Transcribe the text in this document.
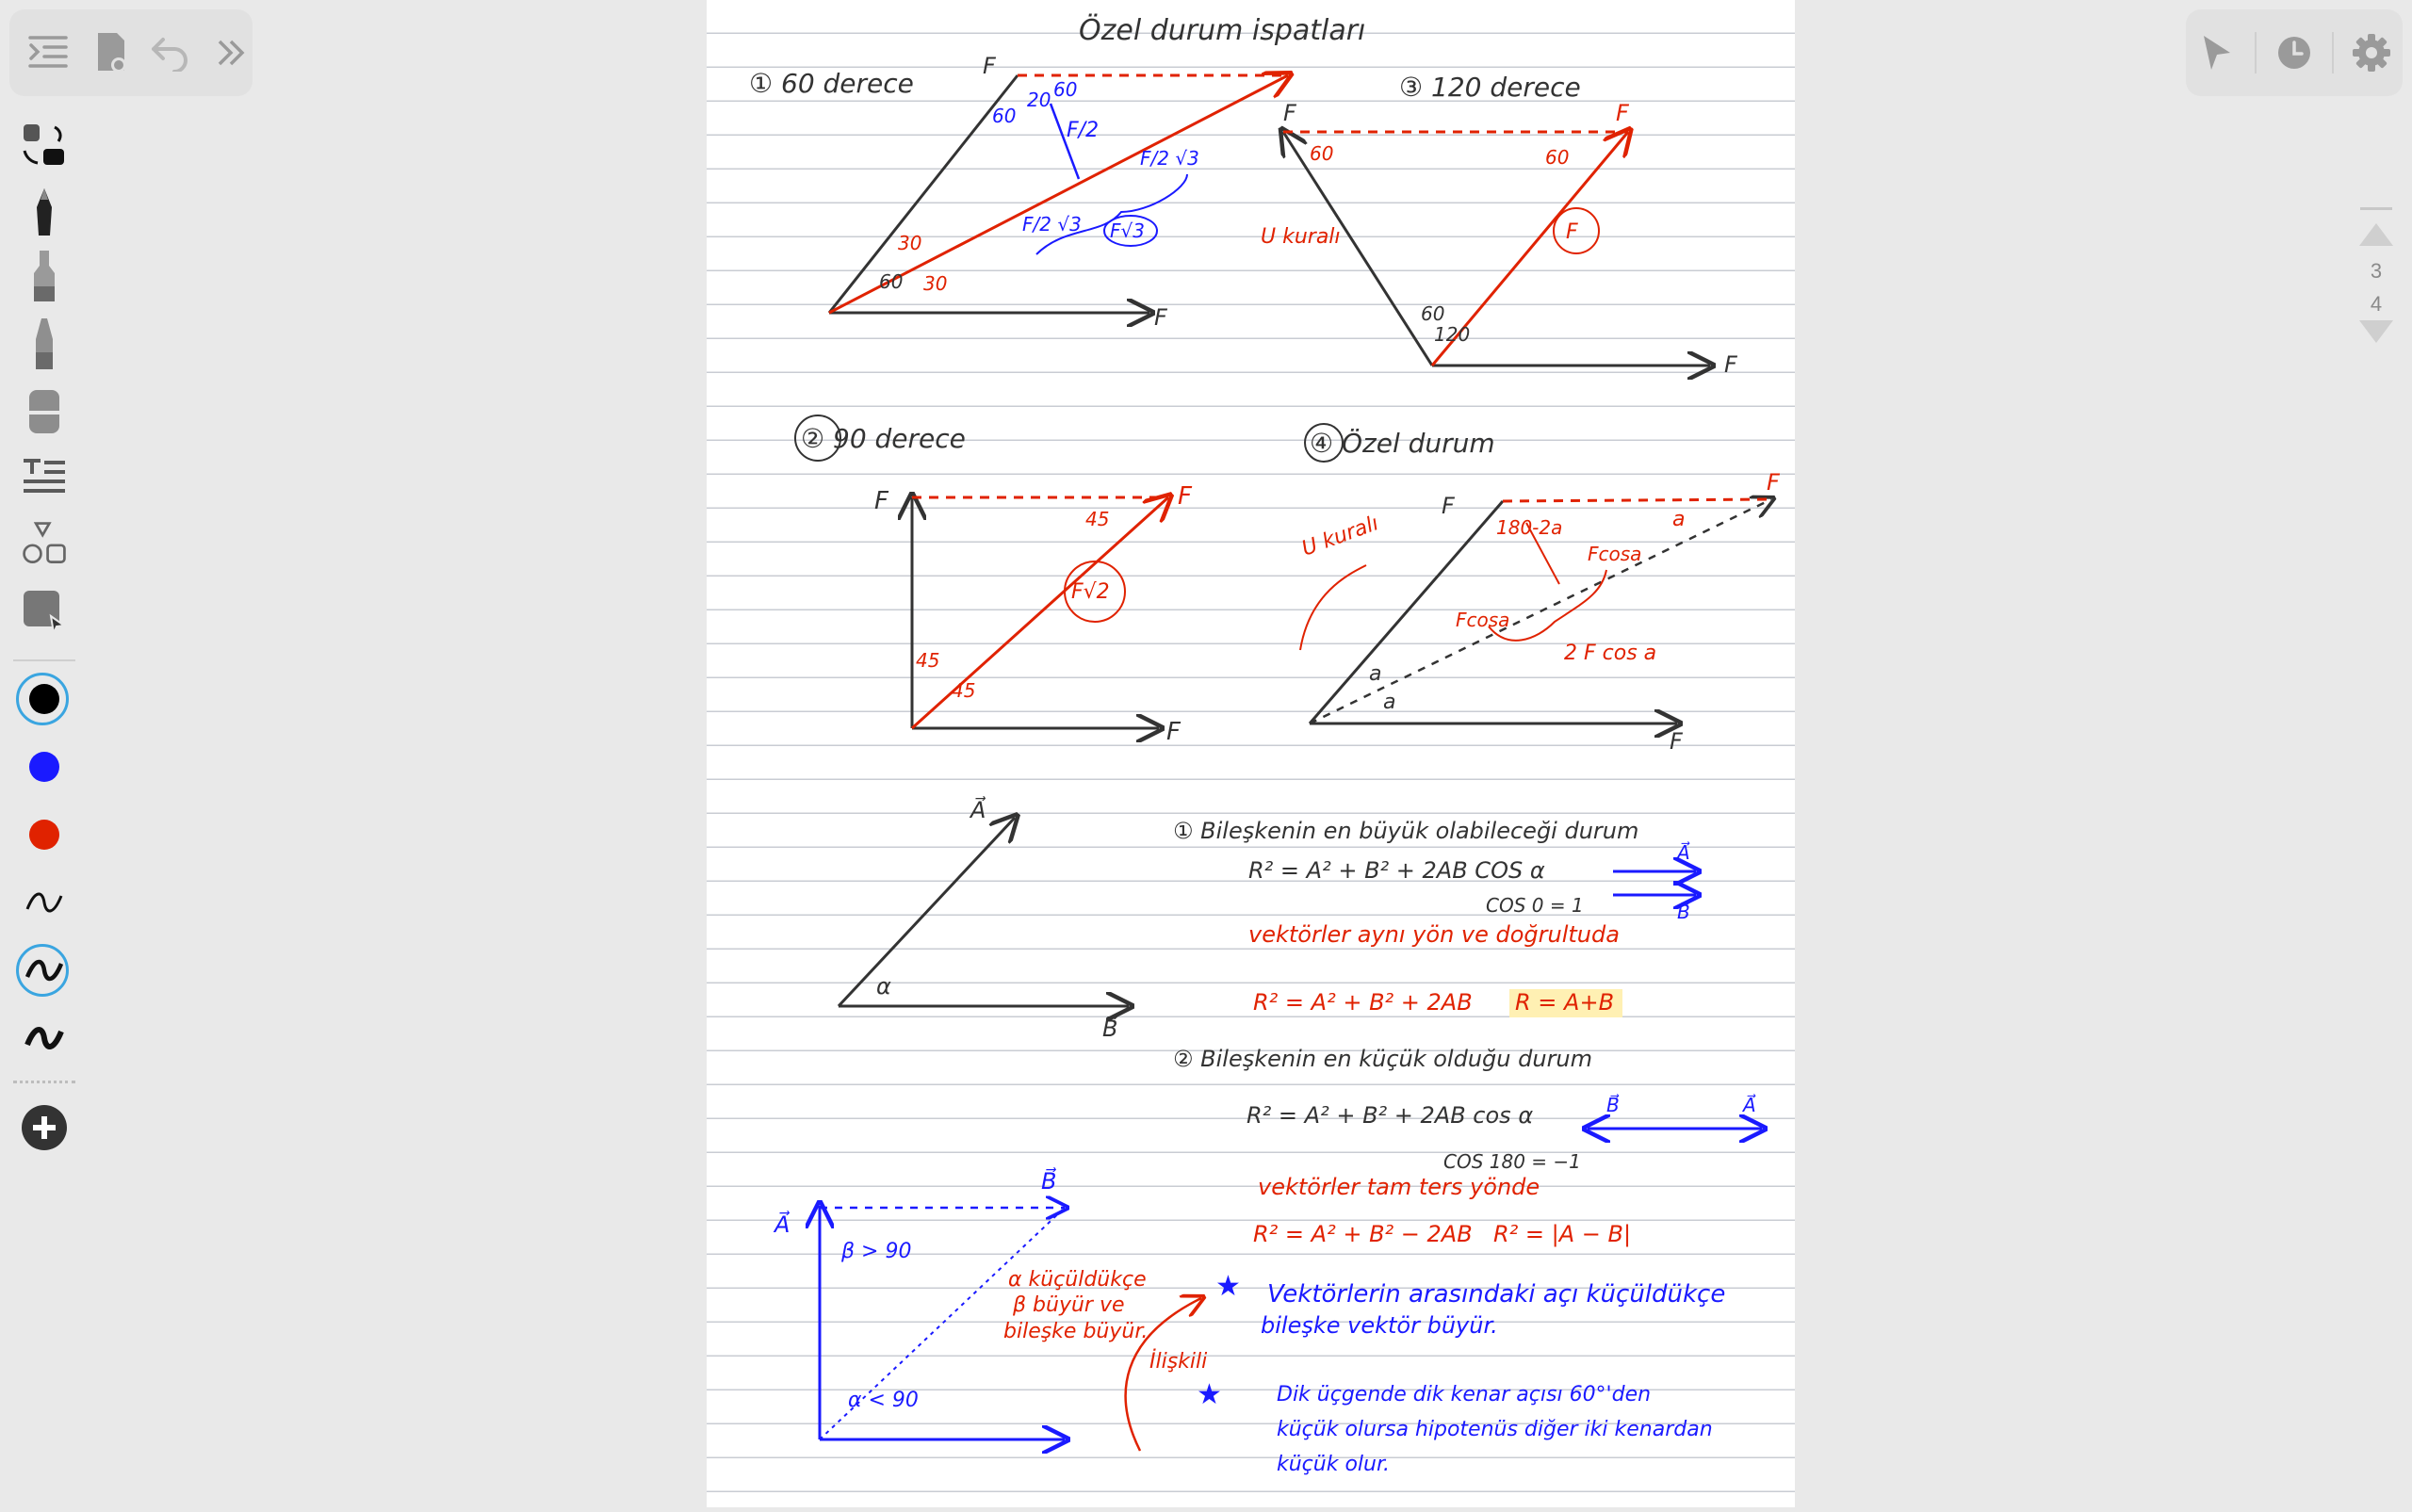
Özel durum ispatları
① 60 derece
F
F
60
20 60
F/2
F/2 √3
F/2 √3 F√3
30
60 30
③ 120 derece
F	F
F
60	60
60
120
U kuralı	F
② 90 derece
F	F
F
45
45
45
F√2
④ Özel durum
F
F
F
180-2a
Fcosa
Fcosa
2 F cos a
a
a
a
U kuralı
A⃗
B⃗
α
① Bileşkenin en büyük olabileceği durum
R² = A² + B² + 2AB COS α
COS 0 = 1
A⃗
B⃗
vektörler aynı yön ve doğrultuda
R² = A² + B² + 2AB R = A+B
② Bileşkenin en küçük olduğu durum
R² = A² + B² + 2AB cos α
COS 180 = −1
B⃗	A⃗
vektörler tam ters yönde
R² = A² + B² − 2AB R² = |A − B|
A⃗
B⃗
β > 90
α < 90
α küçüldükçe
β büyür ve
bileşke büyür.
İlişkili
★ Vektörlerin arasındaki açı küçüldükçe
bileşke vektör büyür.
★	Dik üçgende dik kenar açısı 60°'den
küçük olursa hipotenüs diğer iki kenardan
küçük olur.
3
4
